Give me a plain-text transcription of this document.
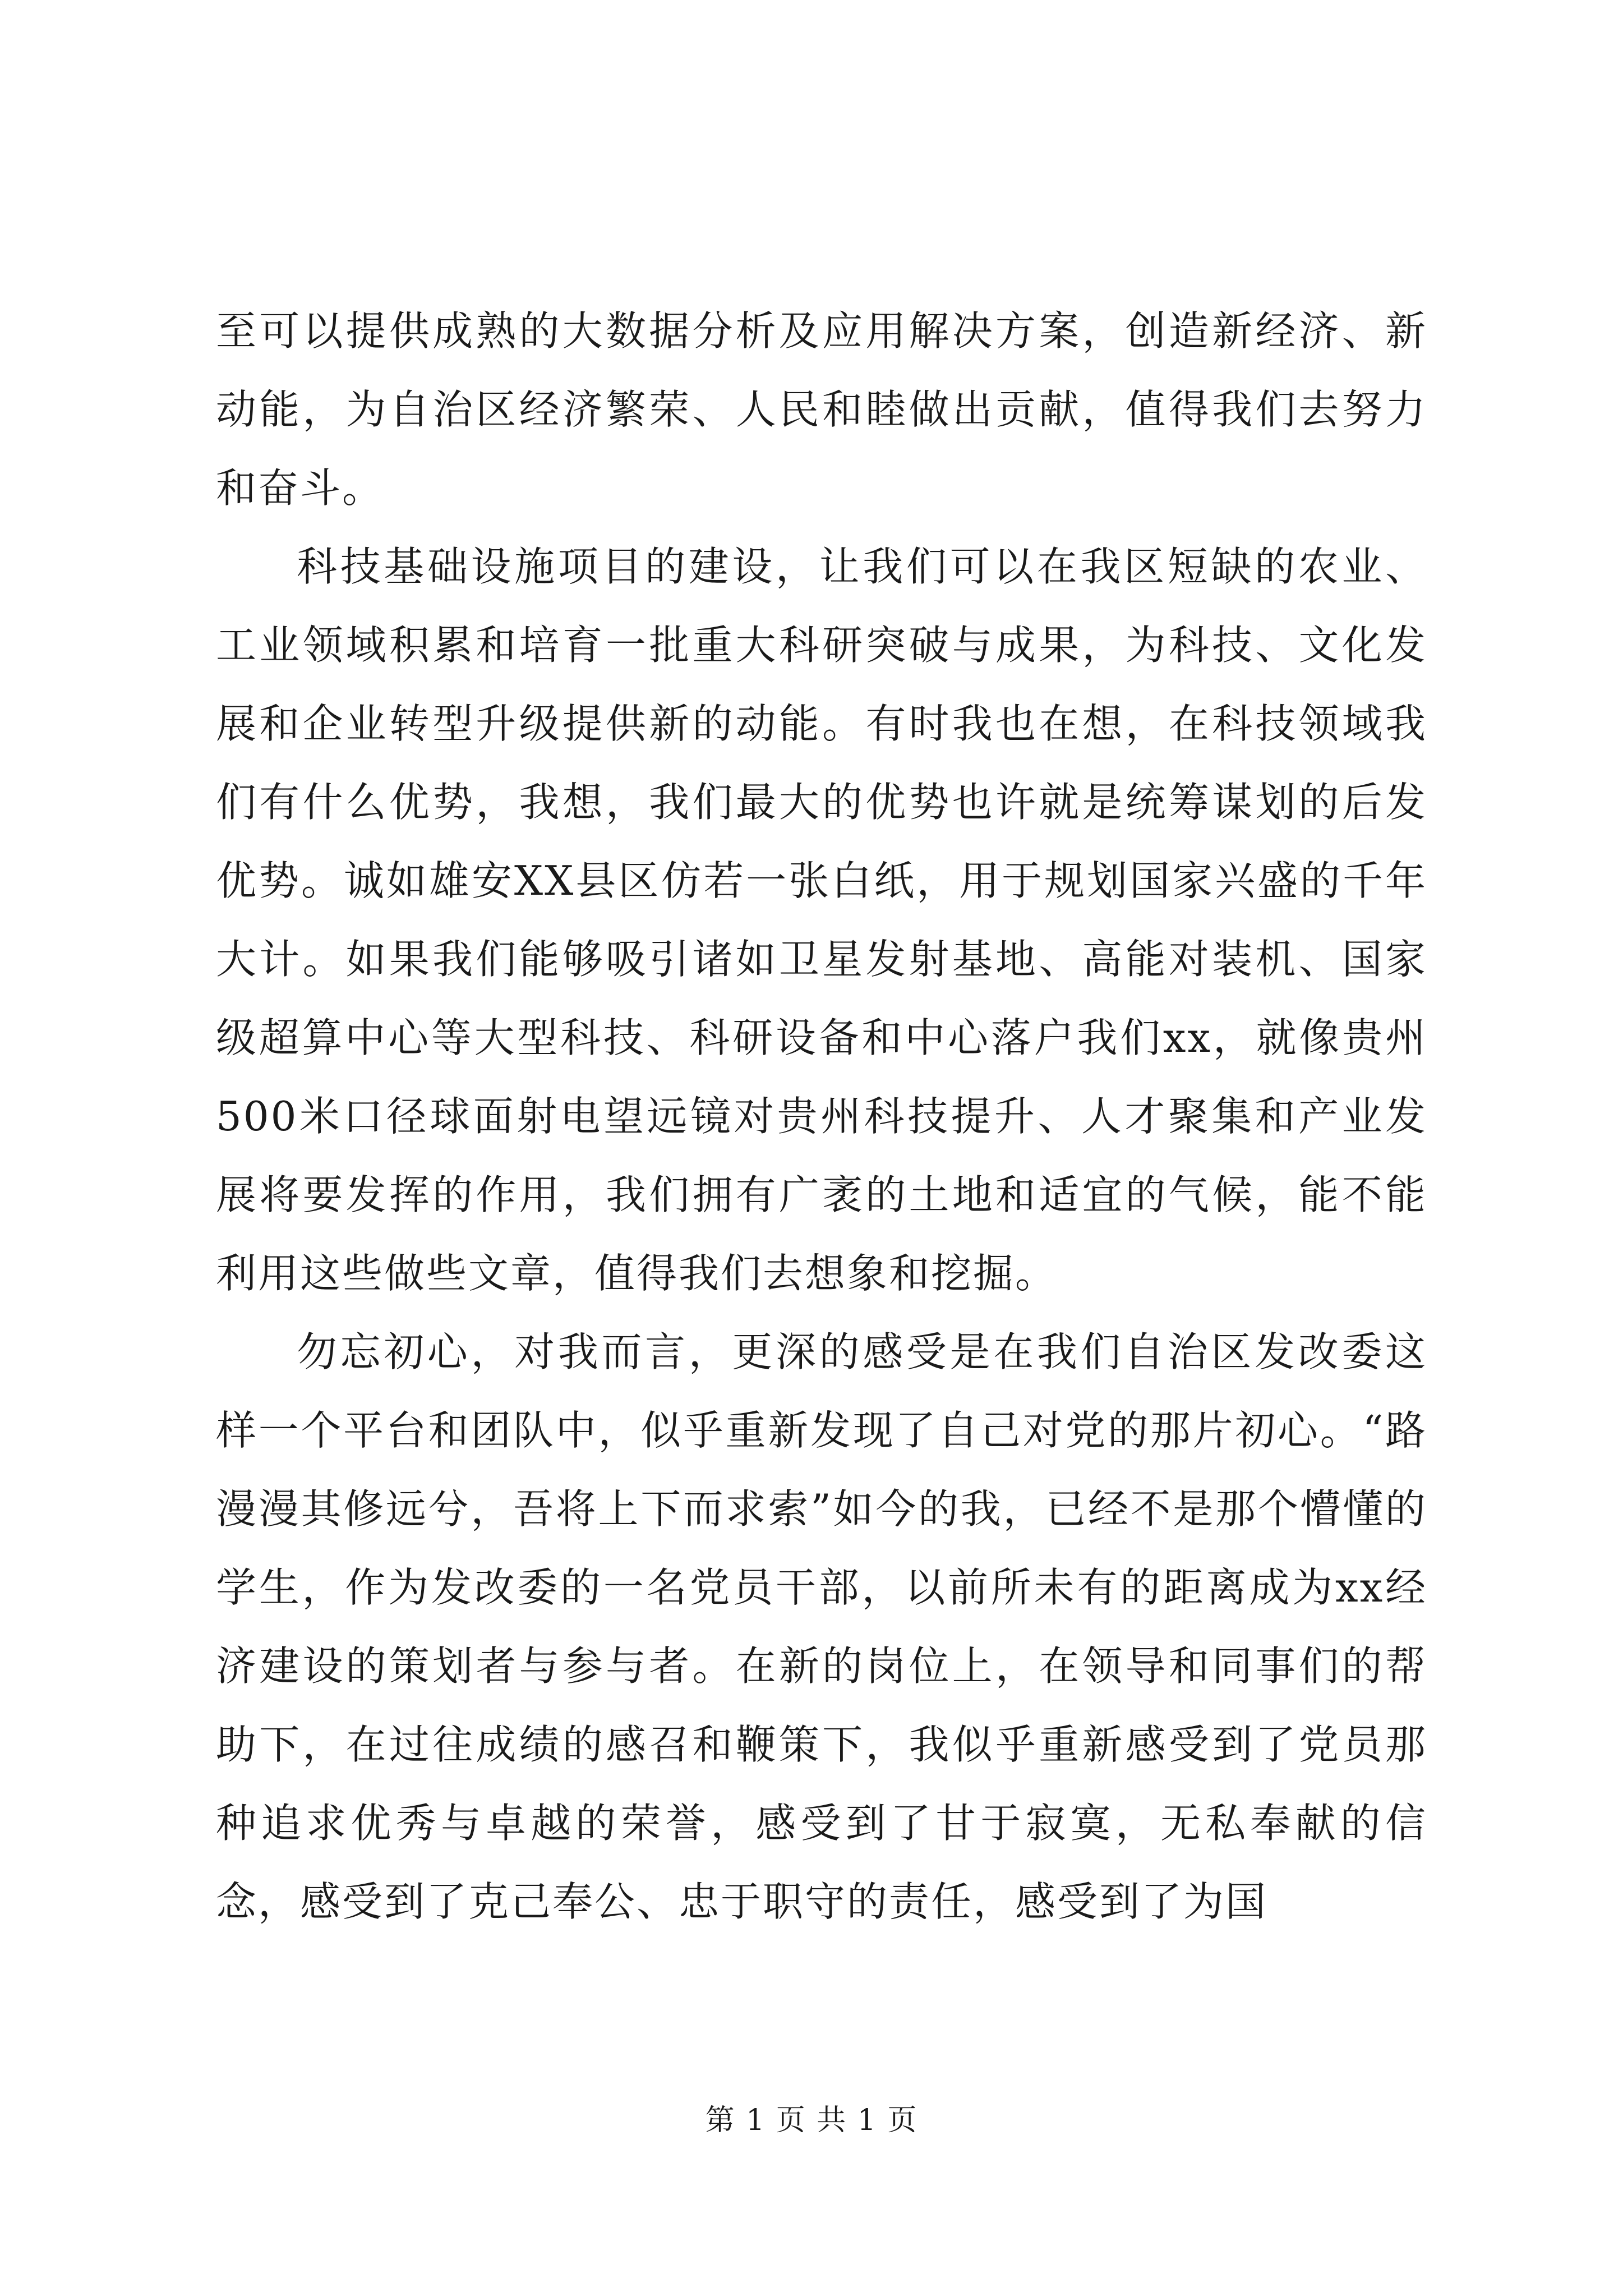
至可以提供成熟的大数据分析及应用解决方案，创造新经济、新动能，为自治区经济繁荣、人民和睦做出贡献，值得我们去努力和奋斗。

科技基础设施项目的建设，让我们可以在我区短缺的农业、工业领域积累和培育一批重大科研突破与成果，为科技、文化发展和企业转型升级提供新的动能。有时我也在想，在科技领域我们有什么优势，我想，我们最大的优势也许就是统筹谋划的后发优势。诚如雄安XX县区仿若一张白纸，用于规划国家兴盛的千年大计。如果我们能够吸引诸如卫星发射基地、高能对装机、国家级超算中心等大型科技、科研设备和中心落户我们xx，就像贵州500米口径球面射电望远镜对贵州科技提升、人才聚集和产业发展将要发挥的作用，我们拥有广袤的土地和适宜的气候，能不能利用这些做些文章，值得我们去想象和挖掘。

勿忘初心，对我而言，更深的感受是在我们自治区发改委这样一个平台和团队中，似乎重新发现了自己对党的那片初心。“路漫漫其修远兮，吾将上下而求索”如今的我，已经不是那个懵懂的学生，作为发改委的一名党员干部，以前所未有的距离成为xx经济建设的策划者与参与者。在新的岗位上，在领导和同事们的帮助下，在过往成绩的感召和鞭策下，我似乎重新感受到了党员那种追求优秀与卓越的荣誉，感受到了甘于寂寞，无私奉献的信念，感受到了克己奉公、忠于职守的责任，感受到了为国

第 1 页 共 1 页
